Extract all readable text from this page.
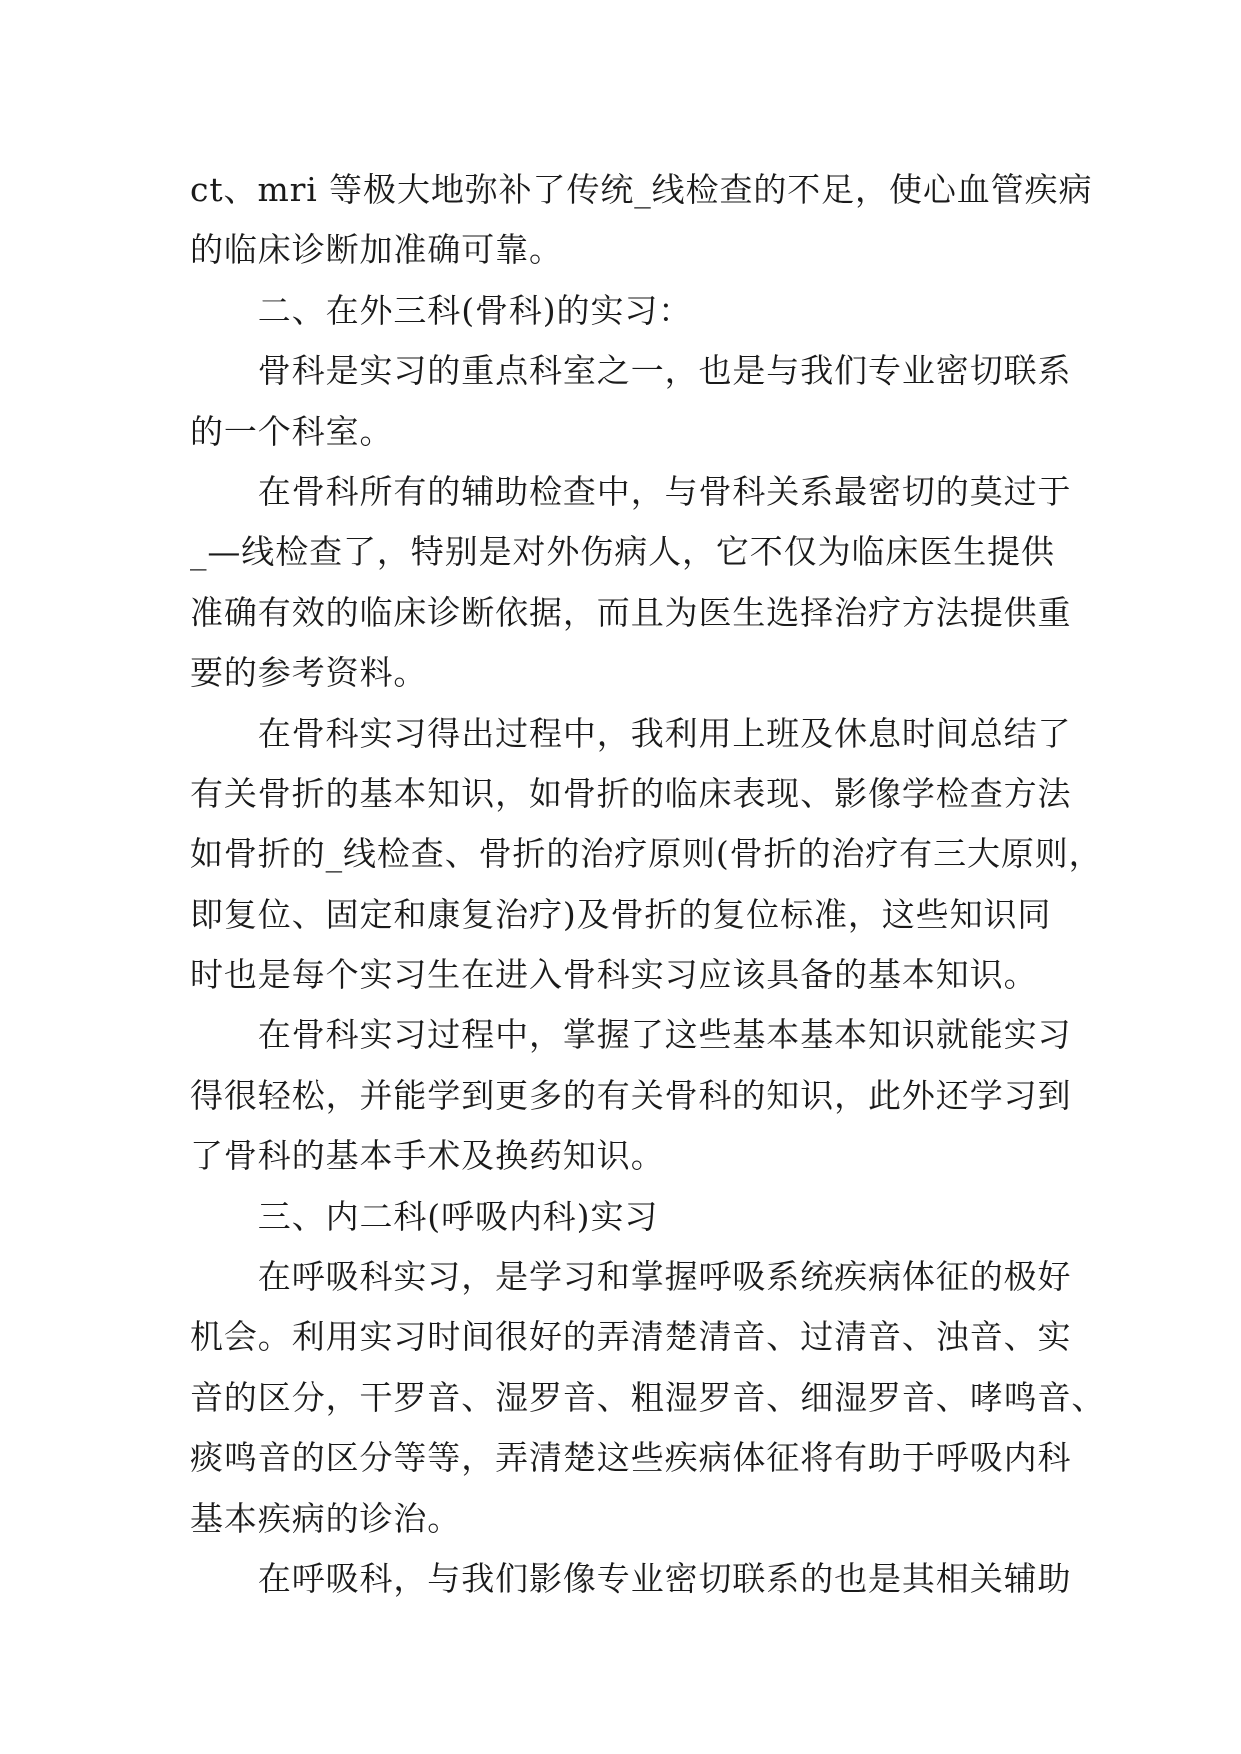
ct、mri 等极大地弥补了传统_线检查的不足，使心血管疾病
的临床诊断加准确可靠。
　　二、在外三科(骨科)的实习：
　　骨科是实习的重点科室之一，也是与我们专业密切联系
的一个科室。
　　在骨科所有的辅助检查中，与骨科关系最密切的莫过于
_—线检查了，特别是对外伤病人，它不仅为临床医生提供
准确有效的临床诊断依据，而且为医生选择治疗方法提供重
要的参考资料。
　　在骨科实习得出过程中，我利用上班及休息时间总结了
有关骨折的基本知识，如骨折的临床表现、影像学检查方法
如骨折的_线检查、骨折的治疗原则(骨折的治疗有三大原则，
即复位、固定和康复治疗)及骨折的复位标准，这些知识同
时也是每个实习生在进入骨科实习应该具备的基本知识。
　　在骨科实习过程中，掌握了这些基本基本知识就能实习
得很轻松，并能学到更多的有关骨科的知识，此外还学习到
了骨科的基本手术及换药知识。
　　三、内二科(呼吸内科)实习
　　在呼吸科实习，是学习和掌握呼吸系统疾病体征的极好
机会。利用实习时间很好的弄清楚清音、过清音、浊音、实
音的区分，干罗音、湿罗音、粗湿罗音、细湿罗音、哮鸣音、
痰鸣音的区分等等，弄清楚这些疾病体征将有助于呼吸内科
基本疾病的诊治。
　　在呼吸科，与我们影像专业密切联系的也是其相关辅助
